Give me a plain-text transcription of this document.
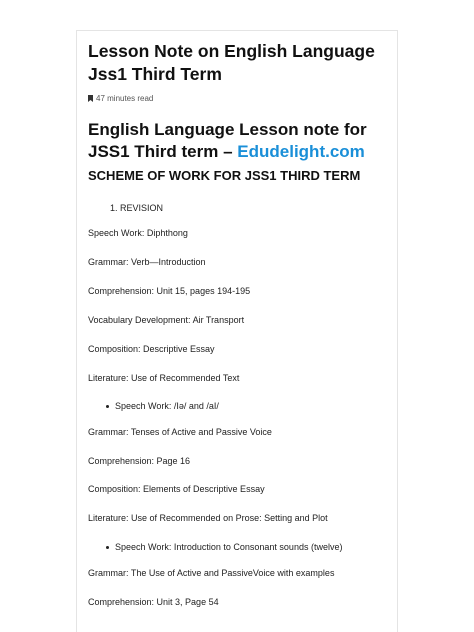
Lesson Note on English Language Jss1 Third Term
47 minutes read
English Language Lesson note for JSS1 Third term – Edudelight.com
SCHEME OF WORK FOR JSS1 THIRD TERM

1. REVISION

Speech Work: Diphthong

Grammar: Verb—Introduction

Comprehension: Unit 15, pages 194-195

Vocabulary Development: Air Transport

Composition: Descriptive Essay

Literature: Use of Recommended Text

Speech Work: /Iə/ and /aI/

Grammar: Tenses of Active and Passive Voice

Comprehension: Page 16

Composition: Elements of Descriptive Essay

Literature: Use of Recommended on Prose: Setting and Plot

Speech Work: Introduction to Consonant sounds (twelve)

Grammar: The Use of Active and PassiveVoice with examples

Comprehension: Unit 3, Page 54
